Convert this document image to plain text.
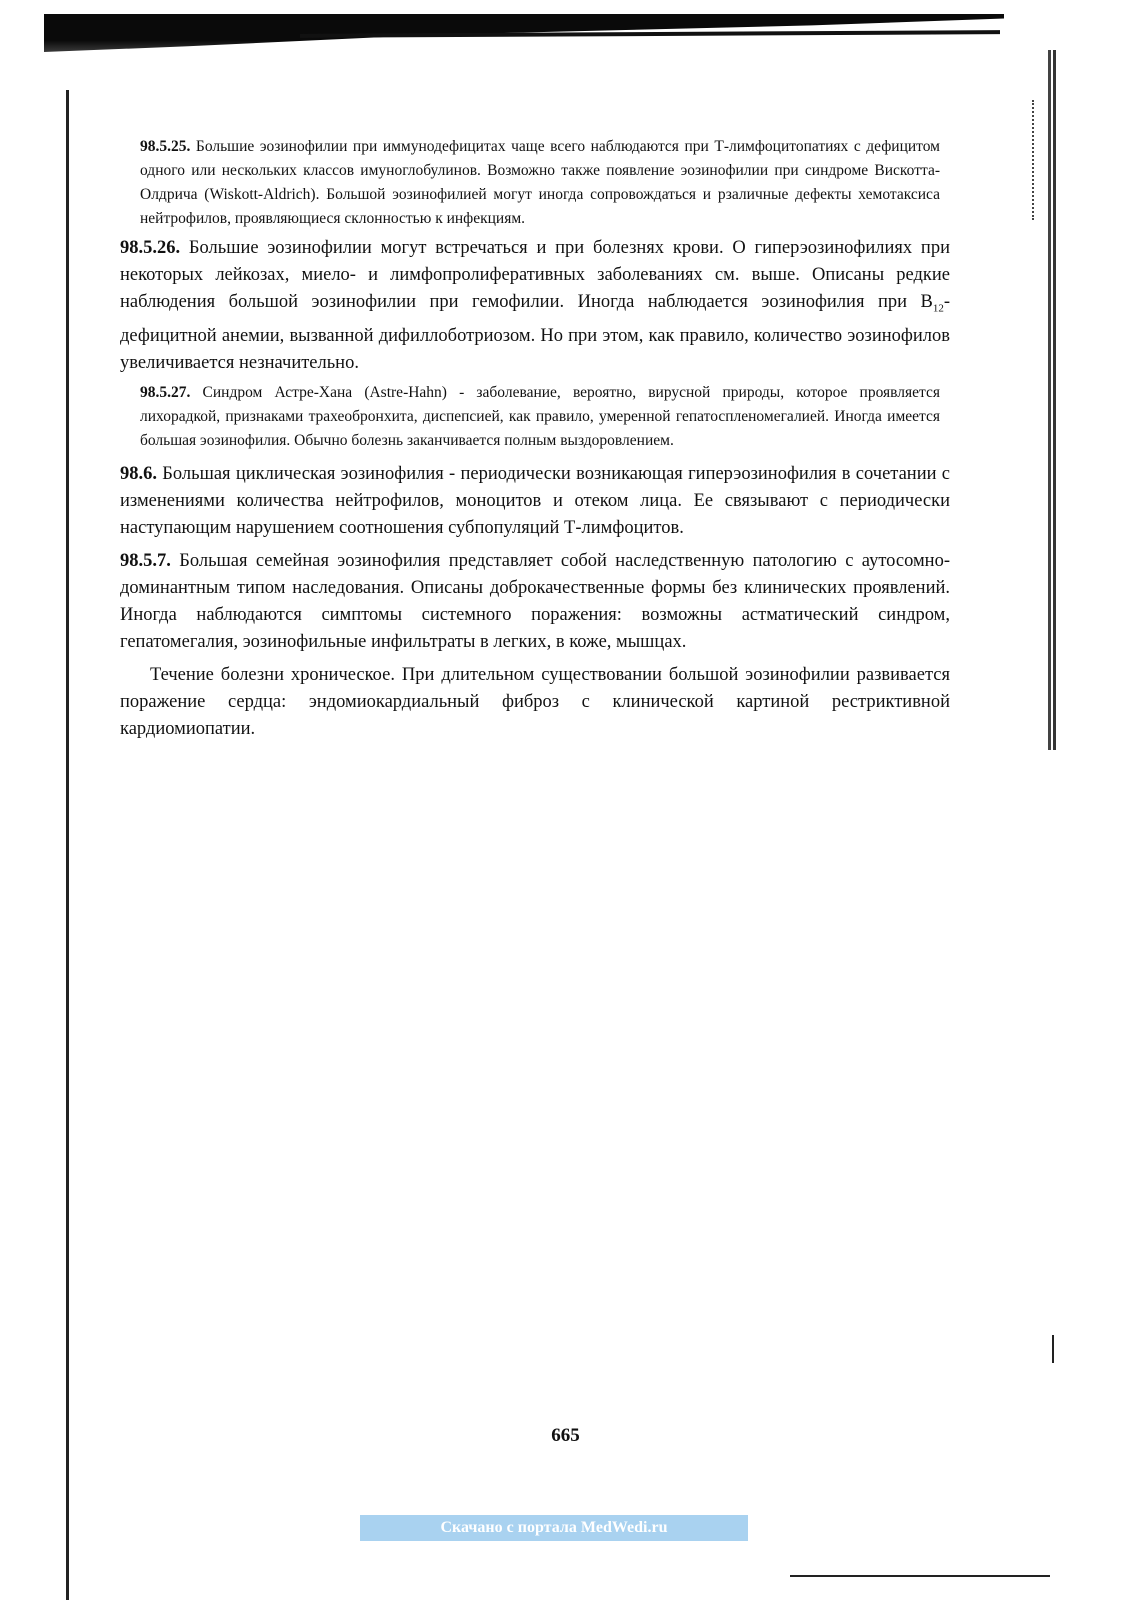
98.5.25. Большие эозинофилии при иммунодефицитах чаще всего наблюдаются при Т-лимфоцитопатиях с дефицитом одного или нескольких классов имуноглобулинов. Возможно также появление эозинофилии при синдроме Вискотта-Олдрича (Wiskott-Aldrich). Большой эозинофилией могут иногда сопровождаться и рзаличные дефекты хемотаксиса нейтрофилов, проявляющиеся склонностью к инфекциям.

98.5.26. Большие эозинофилии могут встречаться и при болезнях крови. О гиперэозинофилиях при некоторых лейкозах, миело- и лимфопролиферативных заболеваниях см. выше. Описаны редкие наблюдения большой эозинофилии при гемофилии. Иногда наблюдается эозинофилия при $B_{12}$-дефицитной анемии, вызванной дифиллоботриозом. Но при этом, как правило, количество эозинофилов увеличивается незначительно.

98.5.27. Синдром Астре-Хана (Astre-Hahn) - заболевание, вероятно, вирусной природы, которое проявляется лихорадкой, признаками трахеобронхита, диспепсией, как правило, умеренной гепатоспленомегалией. Иногда имеется большая эозинофилия. Обычно болезнь заканчивается полным выздоровлением.

98.6. Большая циклическая эозинофилия - периодически возникающая гиперэозинофилия в сочетании с изменениями количества нейтрофилов, моноцитов и отеком лица. Ее связывают с периодически наступающим нарушением соотношения субпопуляций Т-лимфоцитов.

98.5.7. Большая семейная эозинофилия представляет собой наследственную патологию с аутосомно-доминантным типом наследования. Описаны доброкачественные формы без клинических проявлений. Иногда наблюдаются симптомы системного поражения: возможны астматический синдром, гепатомегалия, эозинофильные инфильтраты в легких, в коже, мышцах.

Течение болезни хроническое. При длительном существовании большой эозинофилии развивается поражение сердца: эндомиокардиальный фиброз с клинической картиной рестриктивной кардиомиопатии.

665
Скачано с портала MedWedi.ru
